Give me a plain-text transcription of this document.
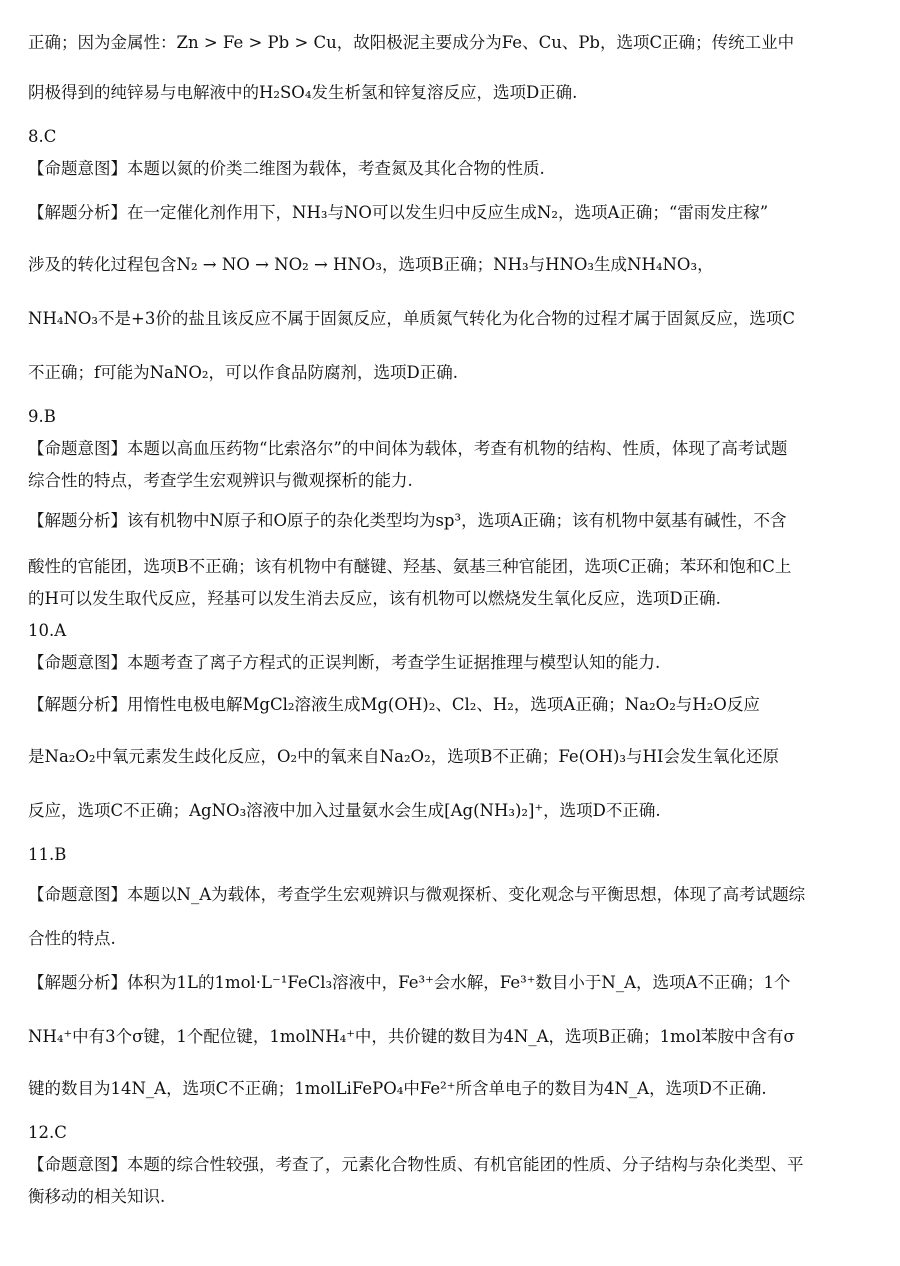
正确；因为金属性：Zn > Fe > Pb > Cu，故阳极泥主要成分为Fe、Cu、Pb，选项C正确；传统工业中
阴极得到的纯锌易与电解液中的H₂SO₄发生析氢和锌复溶反应，选项D正确.
8.C
【命题意图】本题以氮的价类二维图为载体，考查氮及其化合物的性质.
【解题分析】在一定催化剂作用下，NH₃与NO可以发生归中反应生成N₂，选项A正确；“雷雨发庄稼”
涉及的转化过程包含N₂ → NO → NO₂ → HNO₃，选项B正确；NH₃与HNO₃生成NH₄NO₃，
NH₄NO₃不是+3价的盐且该反应不属于固氮反应，单质氮气转化为化合物的过程才属于固氮反应，选项C
不正确；f可能为NaNO₂，可以作食品防腐剂，选项D正确.
9.B
【命题意图】本题以高血压药物“比索洛尔”的中间体为载体，考查有机物的结构、性质，体现了高考试题
综合性的特点，考查学生宏观辨识与微观探析的能力.
【解题分析】该有机物中N原子和O原子的杂化类型均为sp³，选项A正确；该有机物中氨基有碱性，不含
酸性的官能团，选项B不正确；该有机物中有醚键、羟基、氨基三种官能团，选项C正确；苯环和饱和C上
的H可以发生取代反应，羟基可以发生消去反应，该有机物可以燃烧发生氧化反应，选项D正确.
10.A
【命题意图】本题考查了离子方程式的正误判断，考查学生证据推理与模型认知的能力.
【解题分析】用惰性电极电解MgCl₂溶液生成Mg(OH)₂、Cl₂、H₂，选项A正确；Na₂O₂与H₂O反应
是Na₂O₂中氧元素发生歧化反应，O₂中的氧来自Na₂O₂，选项B不正确；Fe(OH)₃与HI会发生氧化还原
反应，选项C不正确；AgNO₃溶液中加入过量氨水会生成[Ag(NH₃)₂]⁺，选项D不正确.
11.B
【命题意图】本题以N_A为载体，考查学生宏观辨识与微观探析、变化观念与平衡思想，体现了高考试题综
合性的特点.
【解题分析】体积为1L的1mol·L⁻¹FeCl₃溶液中，Fe³⁺会水解，Fe³⁺数目小于N_A，选项A不正确；1个
NH₄⁺中有3个σ键，1个配位键，1molNH₄⁺中，共价键的数目为4N_A，选项B正确；1mol苯胺中含有σ
键的数目为14N_A，选项C不正确；1molLiFePO₄中Fe²⁺所含单电子的数目为4N_A，选项D不正确.
12.C
【命题意图】本题的综合性较强，考查了，元素化合物性质、有机官能团的性质、分子结构与杂化类型、平
衡移动的相关知识.
